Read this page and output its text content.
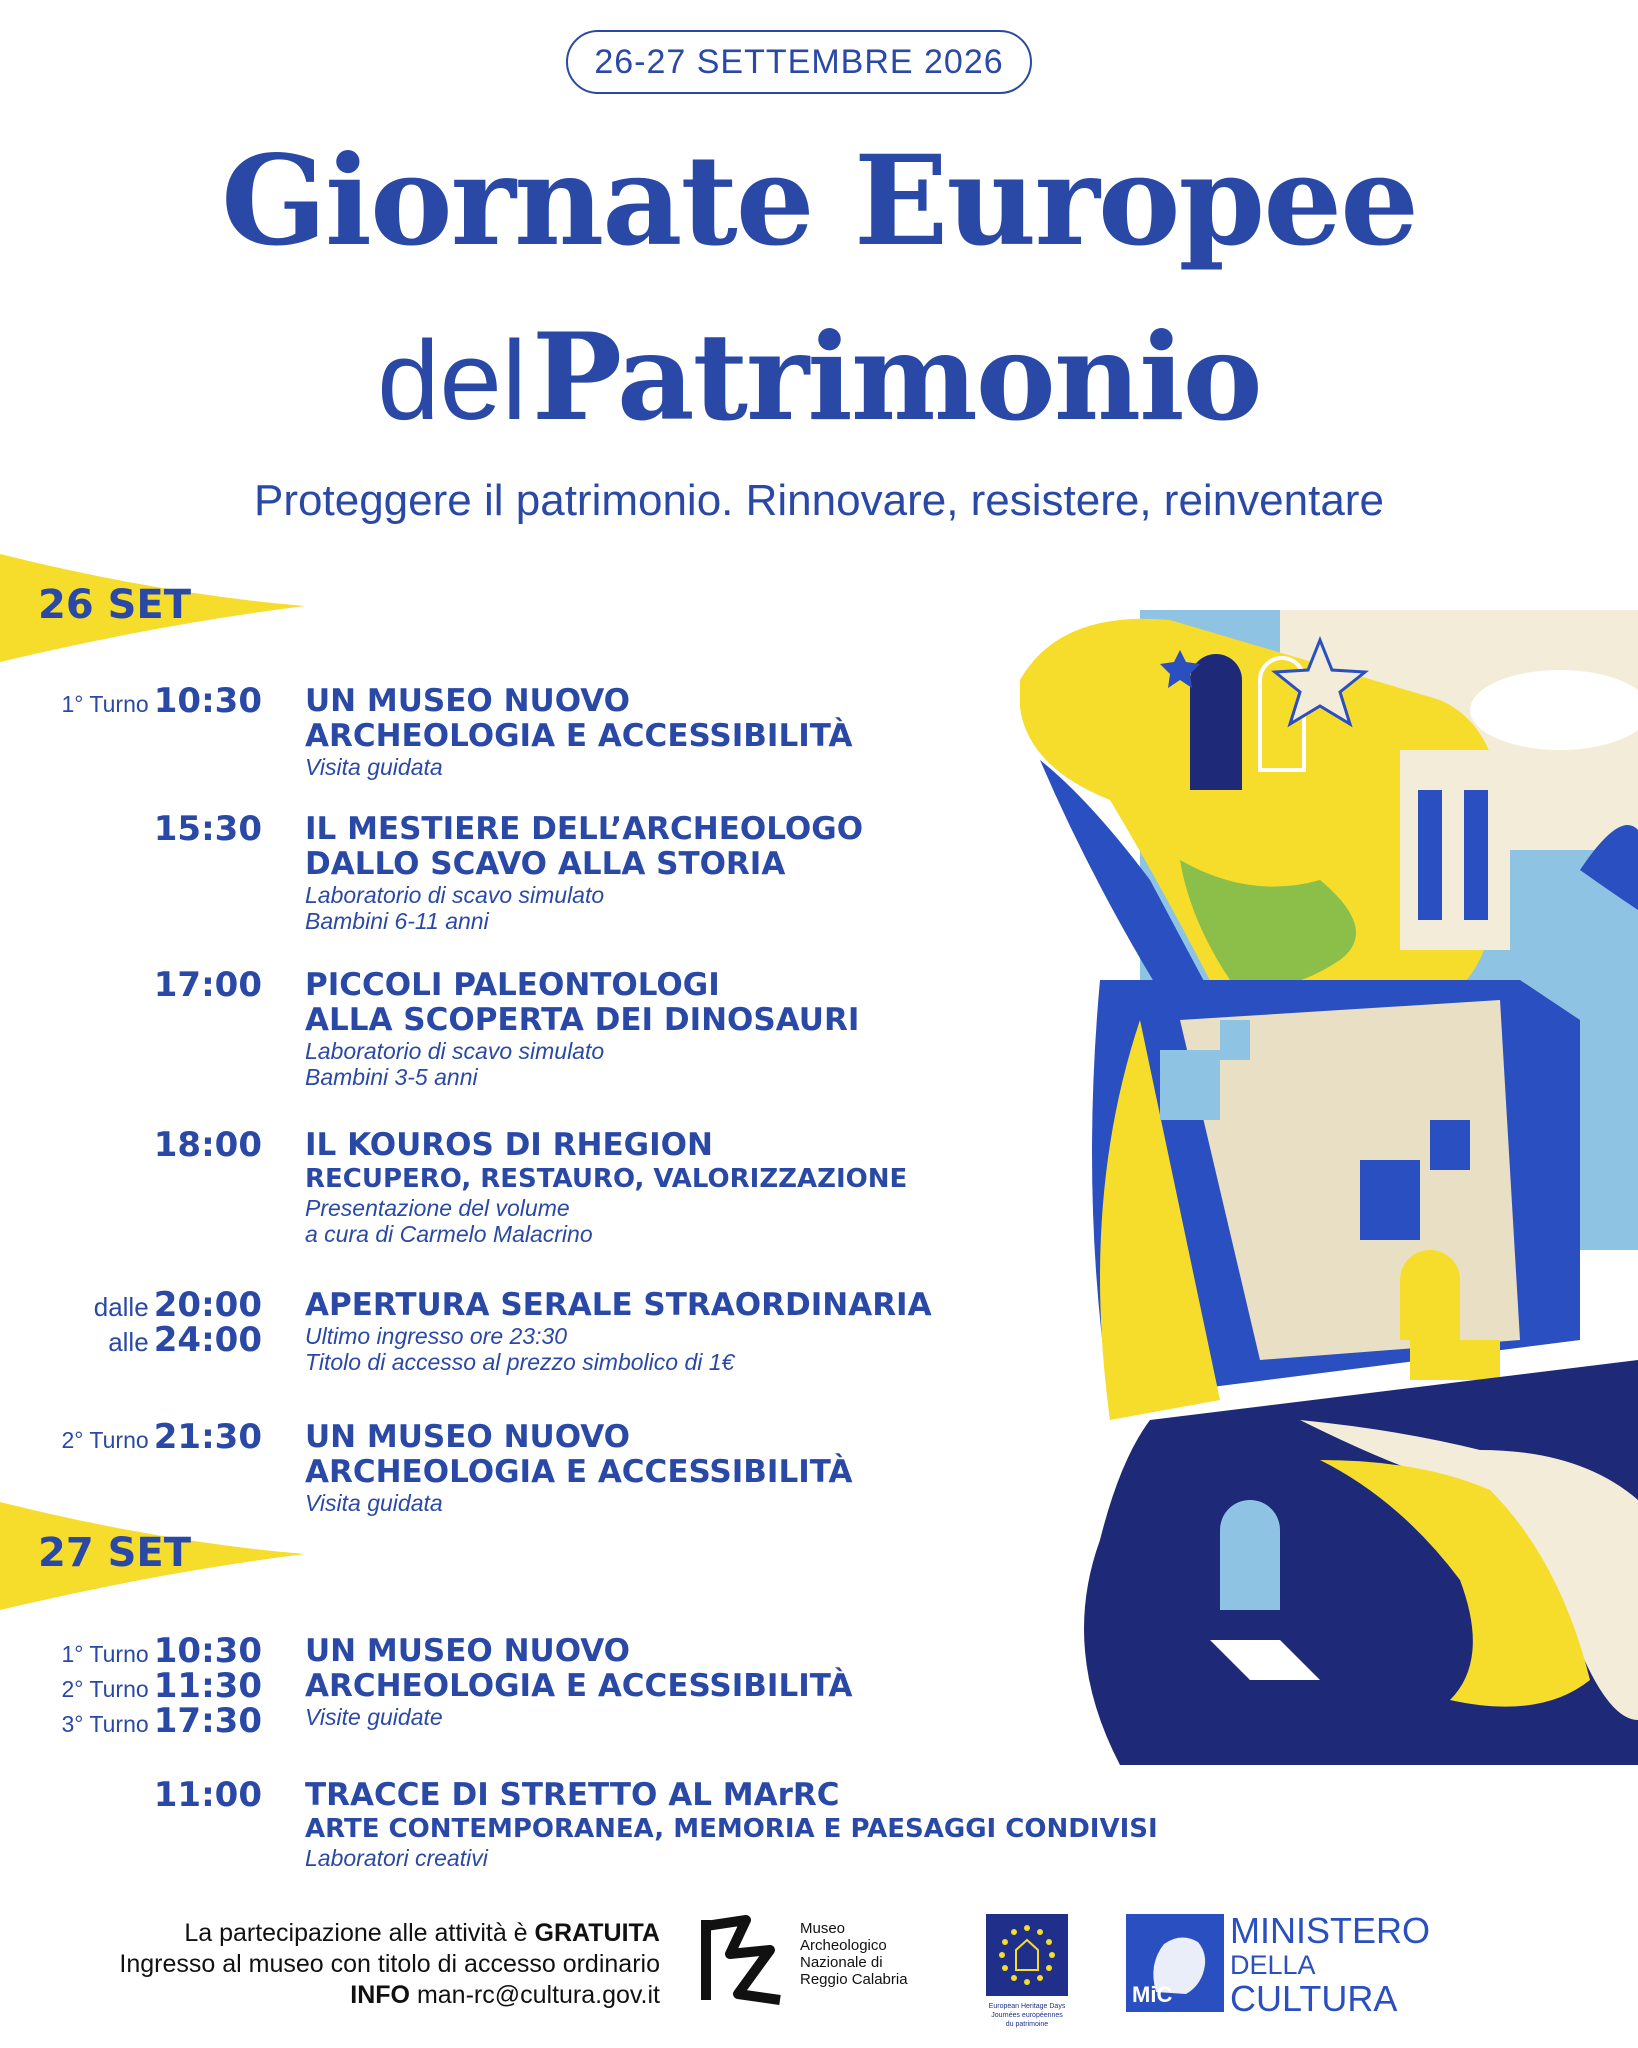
26-27 SETTEMBRE 2026
Giornate Europee
del Patrimonio
Proteggere il patrimonio. Rinnovare, resistere, reinventare
26 SET
1° Turno 10:30 UN MUSEO NUOVO
ARCHEOLOGIA E ACCESSIBILITÀ
Visita guidata
15:30 IL MESTIERE DELL’ARCHEOLOGO
DALLO SCAVO ALLA STORIA
Laboratorio di scavo simulato
Bambini 6-11 anni
17:00 PICCOLI PALEONTOLOGI
ALLA SCOPERTA DEI DINOSAURI
Laboratorio di scavo simulato
Bambini 3-5 anni
18:00 IL KOUROS DI RHEGION
RECUPERO, RESTAURO, VALORIZZAZIONE
Presentazione del volume
a cura di Carmelo Malacrino
dalle 20:00
alle 24:00
APERTURA SERALE STRAORDINARIA
Ultimo ingresso ore 23:30
Titolo di accesso al prezzo simbolico di 1€
2° Turno 21:30 UN MUSEO NUOVO
ARCHEOLOGIA E ACCESSIBILITÀ
Visita guidata
27 SET
1° Turno 10:30
2° Turno 11:30
3° Turno 17:30
UN MUSEO NUOVO
ARCHEOLOGIA E ACCESSIBILITÀ
Visite guidate
11:00 TRACCE DI STRETTO AL MArRC
ARTE CONTEMPORANEA, MEMORIA E PAESAGGI CONDIVISI
Laboratori creativi
La partecipazione alle attività è GRATUITA
Ingresso al museo con titolo di accesso ordinario
INFO man-rc@cultura.gov.it
Museo
Archeologico
Nazionale di
Reggio Calabria
European Heritage Days
Journées européennes
du patrimoine
MiC
MINISTERO
DELLA
CULTURA
